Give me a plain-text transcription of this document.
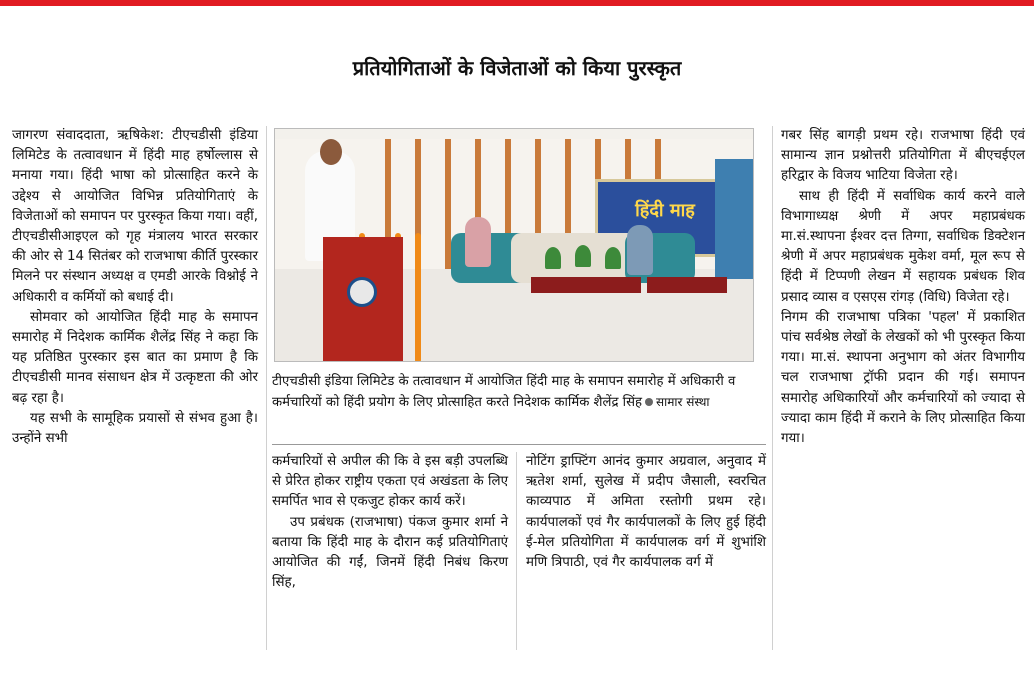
प्रतियोगिताओं के विजेताओं को किया पुरस्कृत

जागरण संवाददाता, ऋषिकेश: टीएचडीसी इंडिया लिमिटेड के तत्वावधान में हिंदी माह हर्षोल्लास से मनाया गया। हिंदी भाषा को प्रोत्साहित करने के उद्देश्य से आयोजित विभिन्न प्रतियोगिताएं के विजेताओं को समापन पर पुरस्कृत किया गया। वहीं, टीएचडीसीआइएल को गृह मंत्रालय भारत सरकार की ओर से 14 सितंबर को राजभाषा कीर्ति पुरस्कार मिलने पर संस्थान अध्यक्ष व एमडी आरके विश्नोई ने अधिकारी व कर्मियों को बधाई दी।

सोमवार को आयोजित हिंदी माह के समापन समारोह में निदेशक कार्मिक शैलेंद्र सिंह ने कहा कि यह प्रतिष्ठित पुरस्कार इस बात का प्रमाण है कि टीएचडीसी मानव संसाधन क्षेत्र में उत्कृष्टता की ओर बढ़ रहा है।

यह सभी के सामूहिक प्रयासों से संभव हुआ है। उन्होंने सभी

हिंदी माह
टीएचडीसी इंडिया लिमिटेड के तत्वावधान में आयोजित हिंदी माह के समापन समारोह में अधिकारी व कर्मचारियों को हिंदी प्रयोग के लिए प्रोत्साहित करते निदेशक कार्मिक शैलेंद्र सिंह सामार संस्था

कर्मचारियों से अपील की कि वे इस बड़ी उपलब्धि से प्रेरित होकर राष्ट्रीय एकता एवं अखंडता के लिए समर्पित भाव से एकजुट होकर कार्य करें।

उप प्रबंधक (राजभाषा) पंकज कुमार शर्मा ने बताया कि हिंदी माह के दौरान कई प्रतियोगिताएं आयोजित की गईं, जिनमें हिंदी निबंध किरण सिंह,

नोटिंग ड्राफ्टिंग आनंद कुमार अग्रवाल, अनुवाद में ऋतेश शर्मा, सुलेख में प्रदीप जैसाली, स्वरचित काव्यपाठ में अमिता रस्तोगी प्रथम रहे। कार्यपालकों एवं गैर कार्यपालकों के लिए हुई हिंदी ई-मेल प्रतियोगिता में कार्यपालक वर्ग में शुभांशि मणि त्रिपाठी, एवं गैर कार्यपालक वर्ग में

गबर सिंह बागड़ी प्रथम रहे। राजभाषा हिंदी एवं सामान्य ज्ञान प्रश्नोत्तरी प्रतियोगिता में बीएचईएल हरिद्वार के विजय भाटिया विजेता रहे।

साथ ही हिंदी में सर्वाधिक कार्य करने वाले विभागाध्यक्ष श्रेणी में अपर महाप्रबंधक मा.सं.स्थापना ईश्वर दत्त तिग्गा, सर्वाधिक डिक्टेशन श्रेणी में अपर महाप्रबंधक मुकेश वर्मा, मूल रूप से हिंदी में टिप्पणी लेखन में सहायक प्रबंधक शिव प्रसाद व्यास व एसएस रांगड़ (विधि) विजेता रहे।

निगम की राजभाषा पत्रिका 'पहल' में प्रकाशित पांच सर्वश्रेष्ठ लेखों के लेखकों को भी पुरस्कृत किया गया। मा.सं. स्थापना अनुभाग को अंतर विभागीय चल राजभाषा ट्रॉफी प्रदान की गई। समापन समारोह अधिकारियों और कर्मचारियों को ज्यादा से ज्यादा काम हिंदी में कराने के लिए प्रोत्साहित किया गया।
